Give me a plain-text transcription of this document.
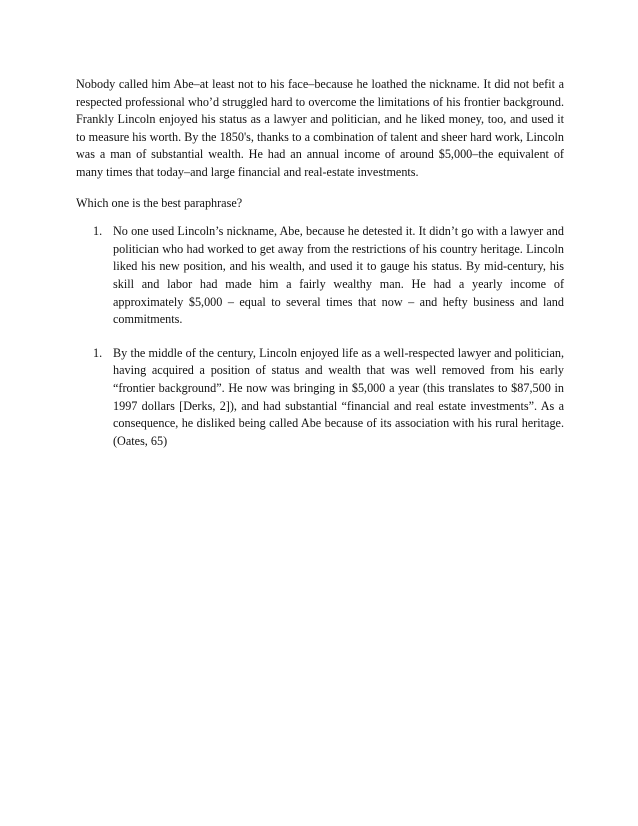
Nobody called him Abe–at least not to his face–because he loathed the nickname. It did not befit a respected professional who’d struggled hard to overcome the limitations of his frontier background. Frankly Lincoln enjoyed his status as a lawyer and politician, and he liked money, too, and used it to measure his worth. By the 1850's, thanks to a combination of talent and sheer hard work, Lincoln was a man of substantial wealth. He had an annual income of around $5,000–the equivalent of many times that today–and large financial and real-estate investments.

Which one is the best paraphrase?

1. No one used Lincoln’s nickname, Abe, because he detested it. It didn’t go with a lawyer and politician who had worked to get away from the restrictions of his country heritage. Lincoln liked his new position, and his wealth, and used it to gauge his status. By mid-century, his skill and labor had made him a fairly wealthy man. He had a yearly income of approximately $5,000 – equal to several times that now – and hefty business and land commitments.
1. By the middle of the century, Lincoln enjoyed life as a well-respected lawyer and politician, having acquired a position of status and wealth that was well removed from his early “frontier background”. He now was bringing in $5,000 a year (this translates to $87,500 in 1997 dollars [Derks, 2]), and had substantial “financial and real estate investments”. As a consequence, he disliked being called Abe because of its association with his rural heritage. (Oates, 65)
